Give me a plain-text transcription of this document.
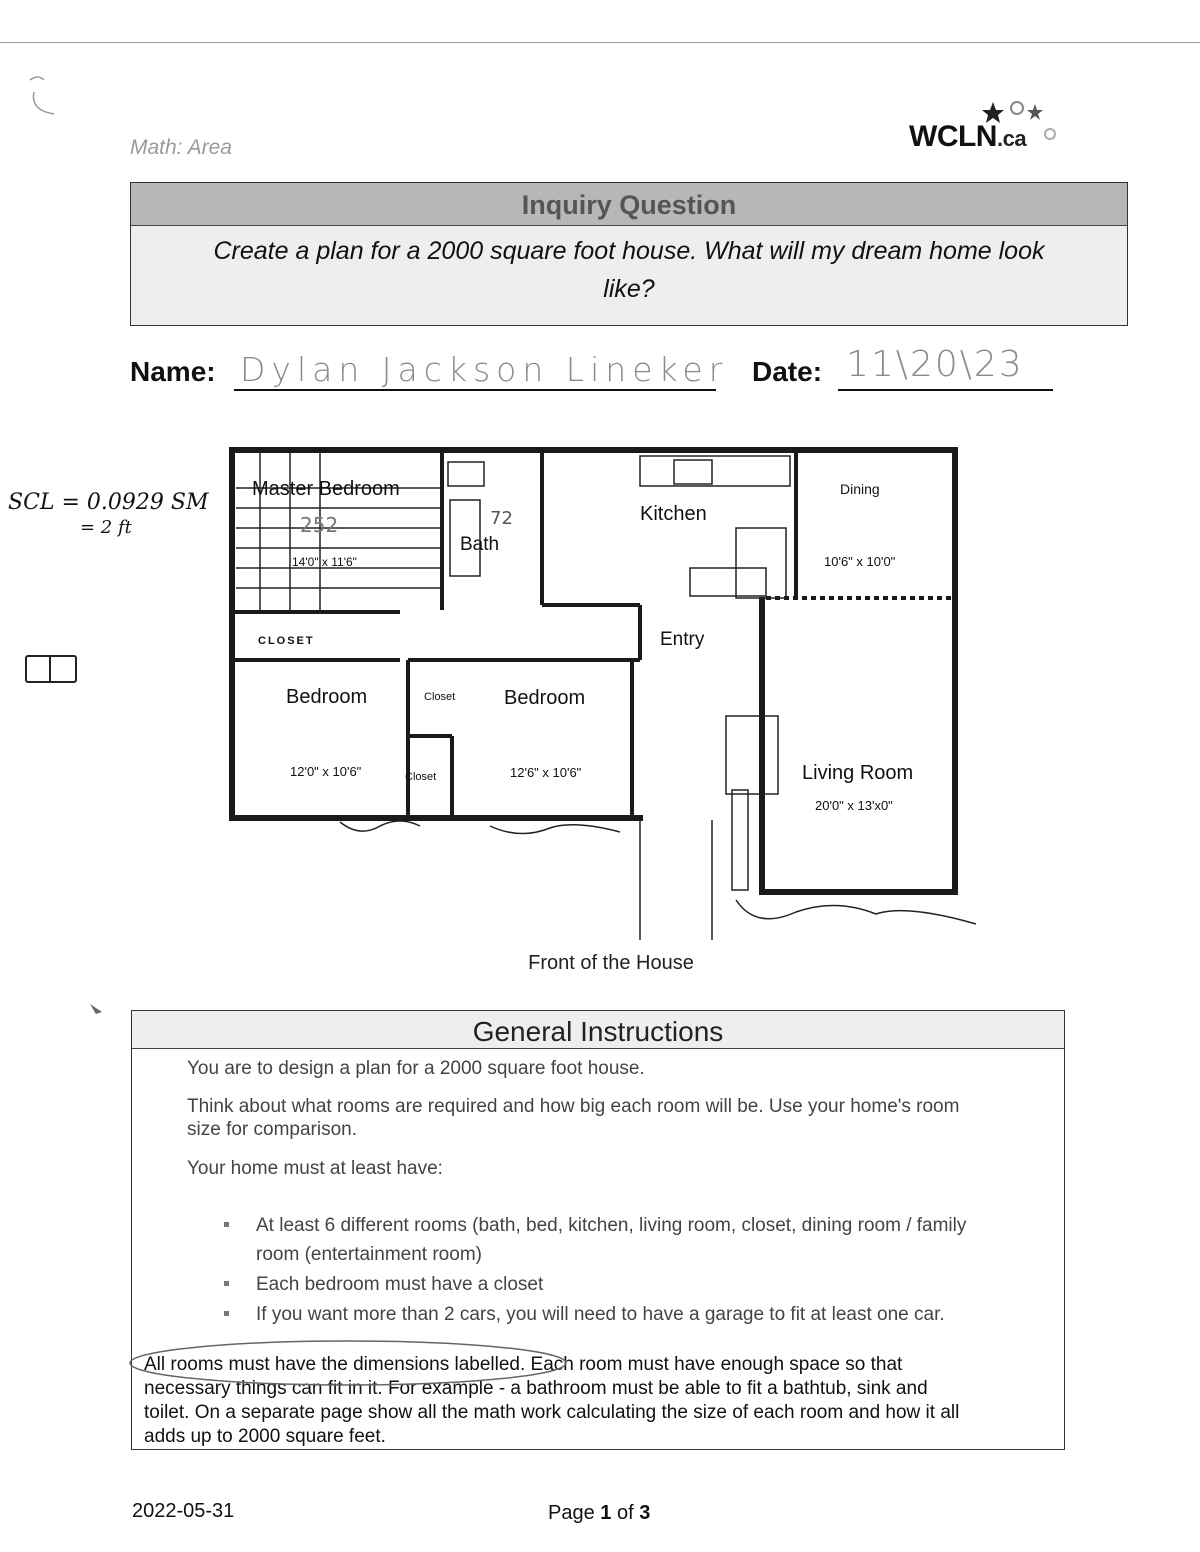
Math: Area	WCLN.ca
Inquiry Question
Create a plan for a 2000 square foot house. What will my dream home look
like?
Name: Dylan Jackson Lineker Date: 11\20\23
SCL = 0.0929 SM
= 2 ft
Master Bedroom
252
14'0" x 11'6"
Bath
72	Kitchen
Dining
10'6" x 10'0"
Entry
CLOSET
Bedroom
12'0" x 10'6"
Closet
Closet
Bedroom
12'6" x 10'6"	Living Room
20'0" x 13'x0"
Front of the House
General Instructions

You are to design a plan for a 2000 square foot house.

Think about what rooms are required and how big each room will be. Use your home's room

size for comparison.

Your home must at least have:

At least 6 different rooms (bath, bed, kitchen, living room, closet, dining room / family
room (entertainment room)
Each bedroom must have a closet
If you want more than 2 cars, you will need to have a garage to fit at least one car.

All rooms must have the dimensions labelled. Each room must have enough space so that
necessary things can fit in it. For example - a bathroom must be able to fit a bathtub, sink and
toilet. On a separate page show all the math work calculating the size of each room and how it all
adds up to 2000 square feet.

2022-05-31	Page 1 of 3
